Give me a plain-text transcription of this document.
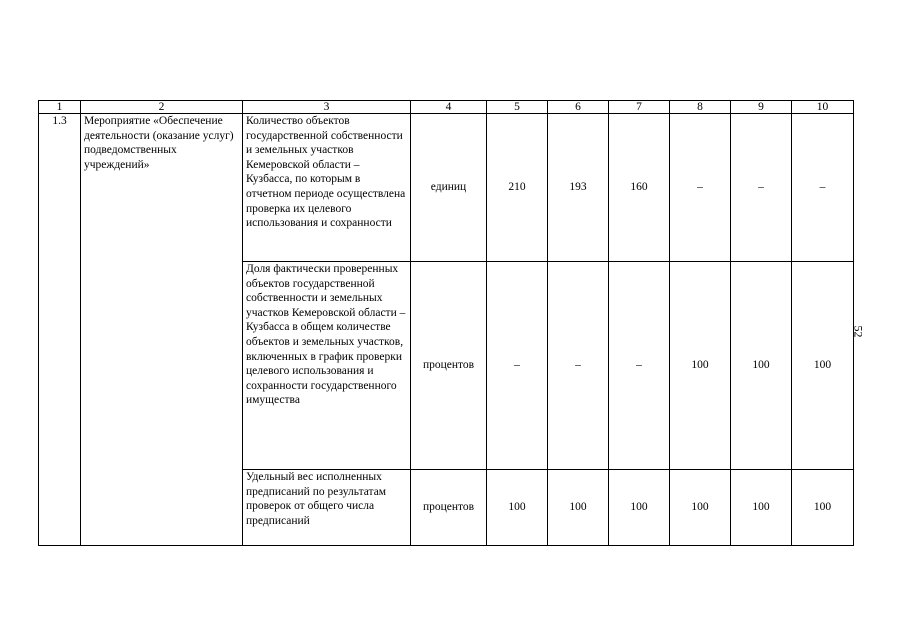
1	2	3	4	5	6	7	8	9	10
1.3	Мероприятие «Обеспечение деятельности (оказание услуг) подведомственных учреждений»	Количество объектов государственной собственности и земельных участков Кемеровской области – Кузбасса, по которым в отчетном периоде осуществлена проверка их целевого использования и сохранности	единиц	210	193	160	–	–	–
		Доля фактически проверенных объектов государственной собственности и земельных участков Кемеровской области – Кузбасса в общем количестве объектов и земельных участков, включенных в график проверки целевого использования и сохранности государственного имущества	процентов	–	–	–	100	100	100
		Удельный вес исполненных предписаний по результатам проверок от общего числа предписаний	процентов	100	100	100	100	100	100
52
